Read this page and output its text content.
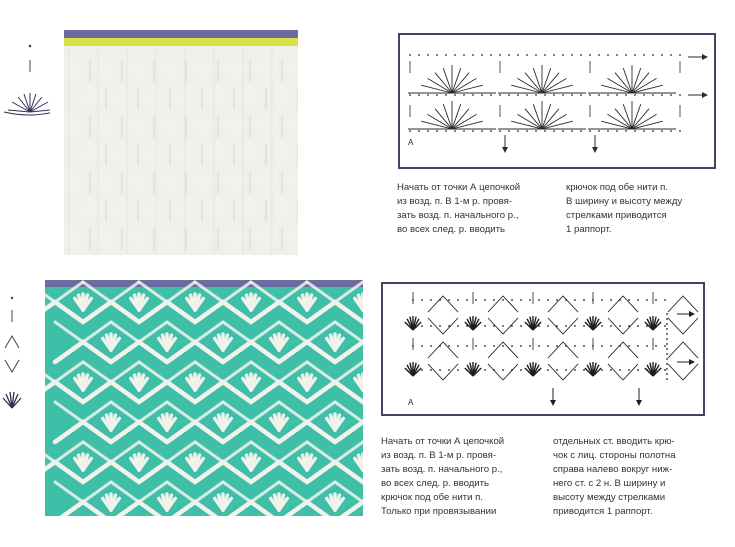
A
Начать от точки А цепочкой
из возд. п. В 1-м р. провя-
зать возд. п. начального р.,
во всех след. р. вводить
крючок под обе нити п.
В ширину и высоту между
стрелками приводится
1 раппорт.
A
Начать от точки А цепочкой
из возд. п. В 1-м р. провя-
зать возд. п. начального р.,
во всех след. р. вводить
крючок под обе нити п.
Только при провязывании
отдельных ст. вводить крю-
чок с лиц. стороны полотна
справа налево вокруг ниж-
него ст. с 2 н. В ширину и
высоту между стрелками
приводится 1 раппорт.
